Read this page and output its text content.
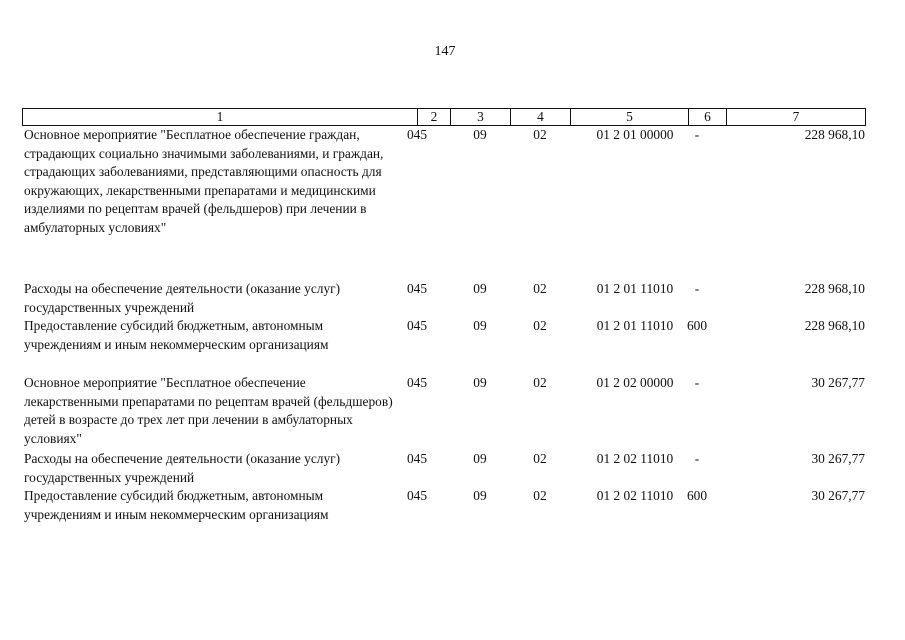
147
1	2	3	4	5	6	7
Основное мероприятие "Бесплатное обеспечение граждан, страдающих социально значимыми заболеваниями, и граждан, страдающих заболеваниями, представляющими опасность для окружающих, лекарственными препаратами и медицинскими изделиями по рецептам врачей (фельдшеров) при лечении в амбулаторных условиях"
045	09	02	01 2 01 00000	-	228 968,10
Расходы на обеспечение деятельности (оказание услуг) государственных учреждений
045	09	02	01 2 01 11010	-	228 968,10
Предоставление субсидий бюджетным, автономным учреждениям и иным некоммерческим организациям
045	09	02	01 2 01 11010	600	228 968,10
Основное мероприятие "Бесплатное обеспечение лекарственными препаратами по рецептам врачей (фельдшеров) детей в возрасте до трех лет при лечении в амбулаторных условиях"
045	09	02	01 2 02 00000	-	30 267,77
Расходы на обеспечение деятельности (оказание услуг) государственных учреждений
045	09	02	01 2 02 11010	-	30 267,77
Предоставление субсидий бюджетным, автономным учреждениям и иным некоммерческим организациям
045	09	02	01 2 02 11010	600	30 267,77
